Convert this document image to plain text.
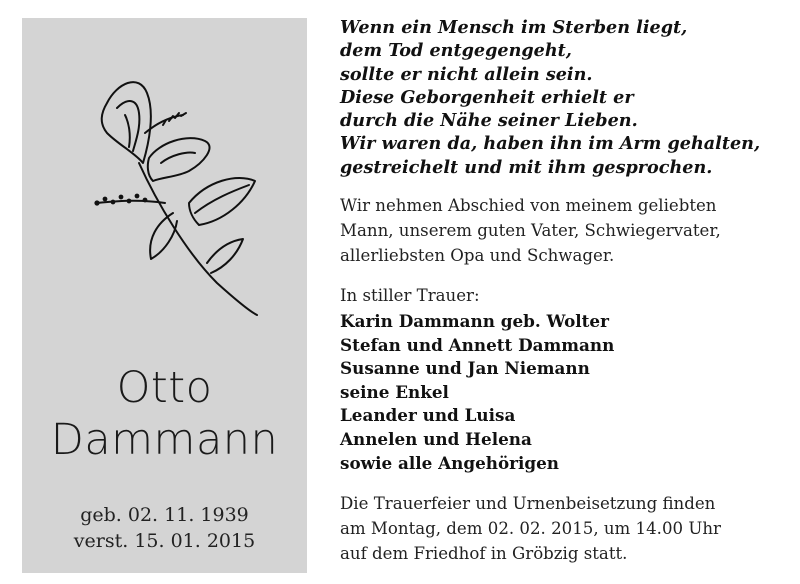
Otto
Dammann
geb. 02. 11. 1939
verst. 15. 01. 2015
Wenn ein Mensch im Sterben liegt,
dem Tod entgegengeht,
sollte er nicht allein sein.
Diese Geborgenheit erhielt er
durch die Nähe seiner Lieben.
Wir waren da, haben ihn im Arm gehalten,
gestreichelt und mit ihm gesprochen.
Wir nehmen Abschied von meinem geliebten
Mann, unserem guten Vater, Schwiegervater,
allerliebsten Opa und Schwager.
In stiller Trauer:
Karin Dammann geb. Wolter
Stefan und Annett Dammann
Susanne und Jan Niemann
seine Enkel
Leander und Luisa
Annelen und Helena
sowie alle Angehörigen
Die Trauerfeier und Urnenbeisetzung finden
am Montag, dem 02. 02. 2015, um 14.00 Uhr
auf dem Friedhof in Gröbzig statt.
